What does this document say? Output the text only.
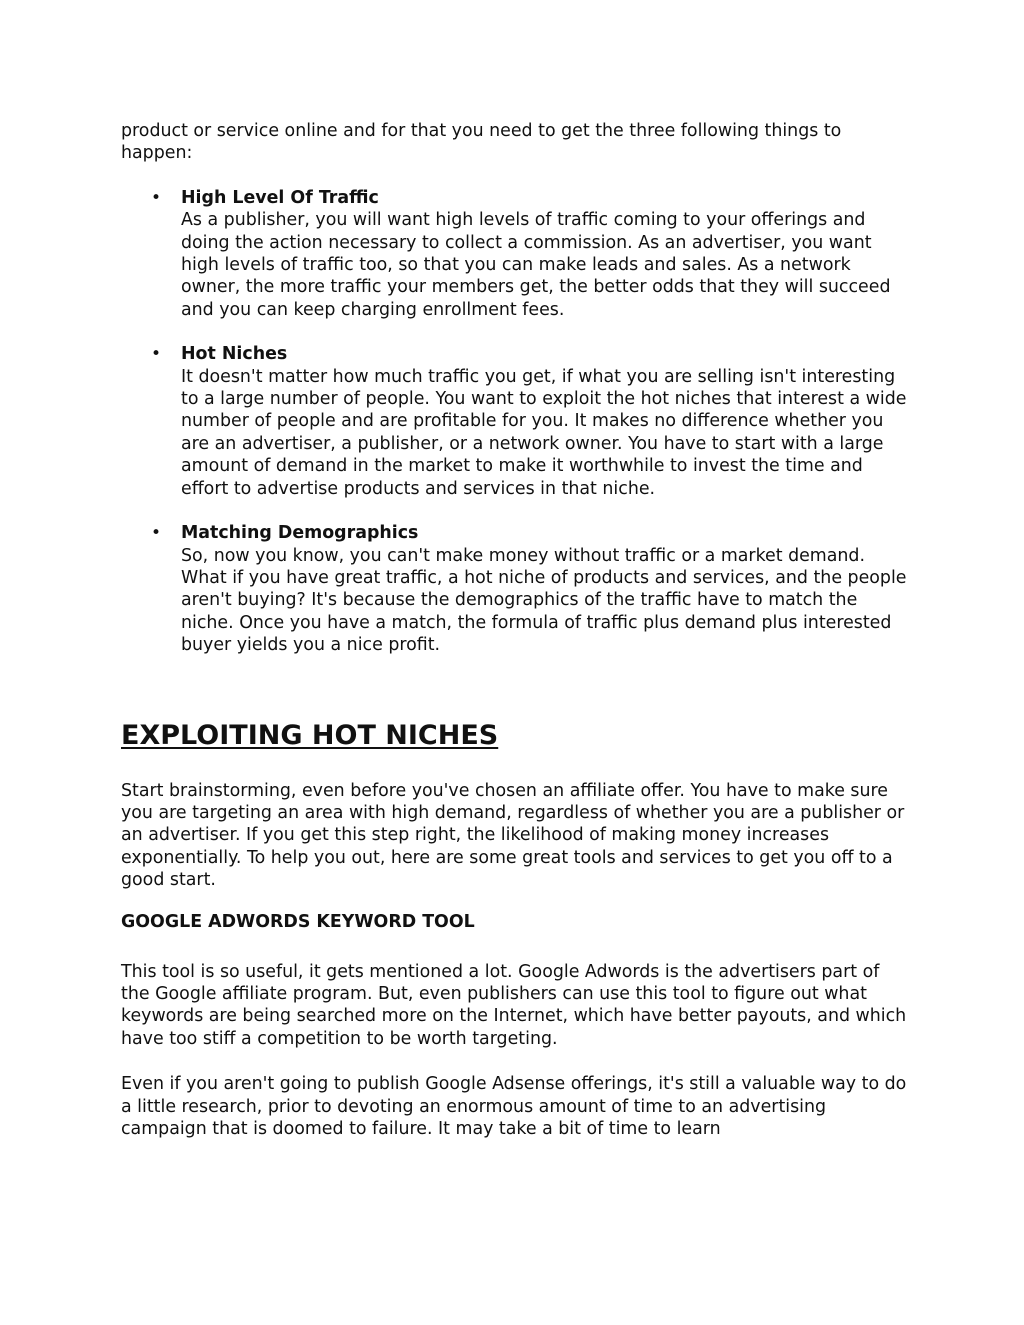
product or service online and for that you need to get the three following things to happen:

• High Level Of Traffic
As a publisher, you will want high levels of traffic coming to your offerings and doing the action necessary to collect a commission. As an advertiser, you want high levels of traffic too, so that you can make leads and sales. As a network owner, the more traffic your members get, the better odds that they will succeed and you can keep charging enrollment fees.
• Hot Niches
It doesn't matter how much traffic you get, if what you are selling isn't interesting to a large number of people. You want to exploit the hot niches that interest a wide number of people and are profitable for you. It makes no difference whether you are an advertiser, a publisher, or a network owner. You have to start with a large amount of demand in the market to make it worthwhile to invest the time and effort to advertise products and services in that niche.
• Matching Demographics
So, now you know, you can't make money without traffic or a market demand. What if you have great traffic, a hot niche of products and services, and the people aren't buying? It's because the demographics of the traffic have to match the niche. Once you have a match, the formula of traffic plus demand plus interested buyer yields you a nice profit.
EXPLOITING HOT NICHES

Start brainstorming, even before you've chosen an affiliate offer. You have to make sure you are targeting an area with high demand, regardless of whether you are a publisher or an advertiser. If you get this step right, the likelihood of making money increases exponentially. To help you out, here are some great tools and services to get you off to a good start.

GOOGLE ADWORDS KEYWORD TOOL

This tool is so useful, it gets mentioned a lot. Google Adwords is the advertisers part of the Google affiliate program. But, even publishers can use this tool to figure out what keywords are being searched more on the Internet, which have better payouts, and which have too stiff a competition to be worth targeting.

Even if you aren't going to publish Google Adsense offerings, it's still a valuable way to do a little research, prior to devoting an enormous amount of time to an advertising campaign that is doomed to failure. It may take a bit of time to learn
